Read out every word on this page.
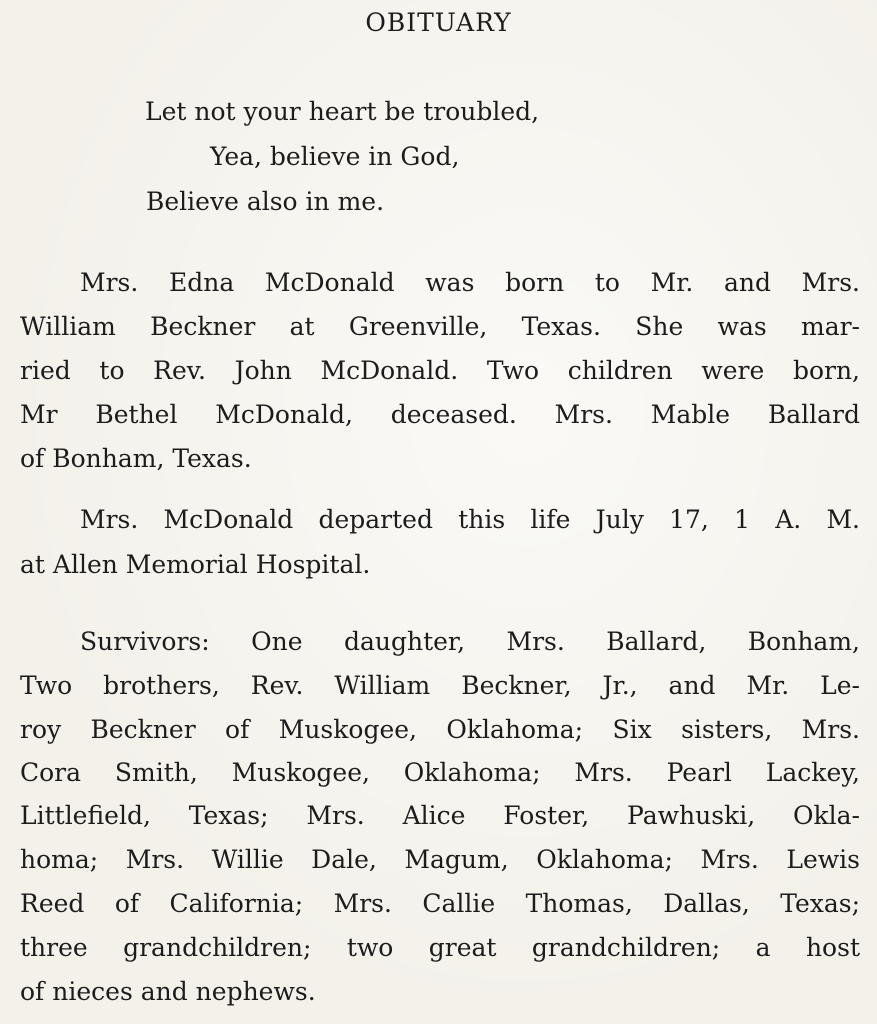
OBITUARY
Let not your heart be troubled,
Yea, believe in God,
Believe also in me.
Mrs. Edna McDonald was born to Mr. and Mrs.
William Beckner at Greenville, Texas. She was mar-
ried to Rev. John McDonald. Two children were born,
Mr Bethel McDonald, deceased. Mrs. Mable Ballard
of Bonham, Texas.
Mrs. McDonald departed this life July 17, 1 A. M.
at Allen Memorial Hospital.
Survivors: One daughter, Mrs. Ballard, Bonham,
Two brothers, Rev. William Beckner, Jr., and Mr. Le-
roy Beckner of Muskogee, Oklahoma; Six sisters, Mrs.
Cora Smith, Muskogee, Oklahoma; Mrs. Pearl Lackey,
Littlefield, Texas; Mrs. Alice Foster, Pawhuski, Okla-
homa; Mrs. Willie Dale, Magum, Oklahoma; Mrs. Lewis
Reed of California; Mrs. Callie Thomas, Dallas, Texas;
three grandchildren; two great grandchildren; a host
of nieces and nephews.
